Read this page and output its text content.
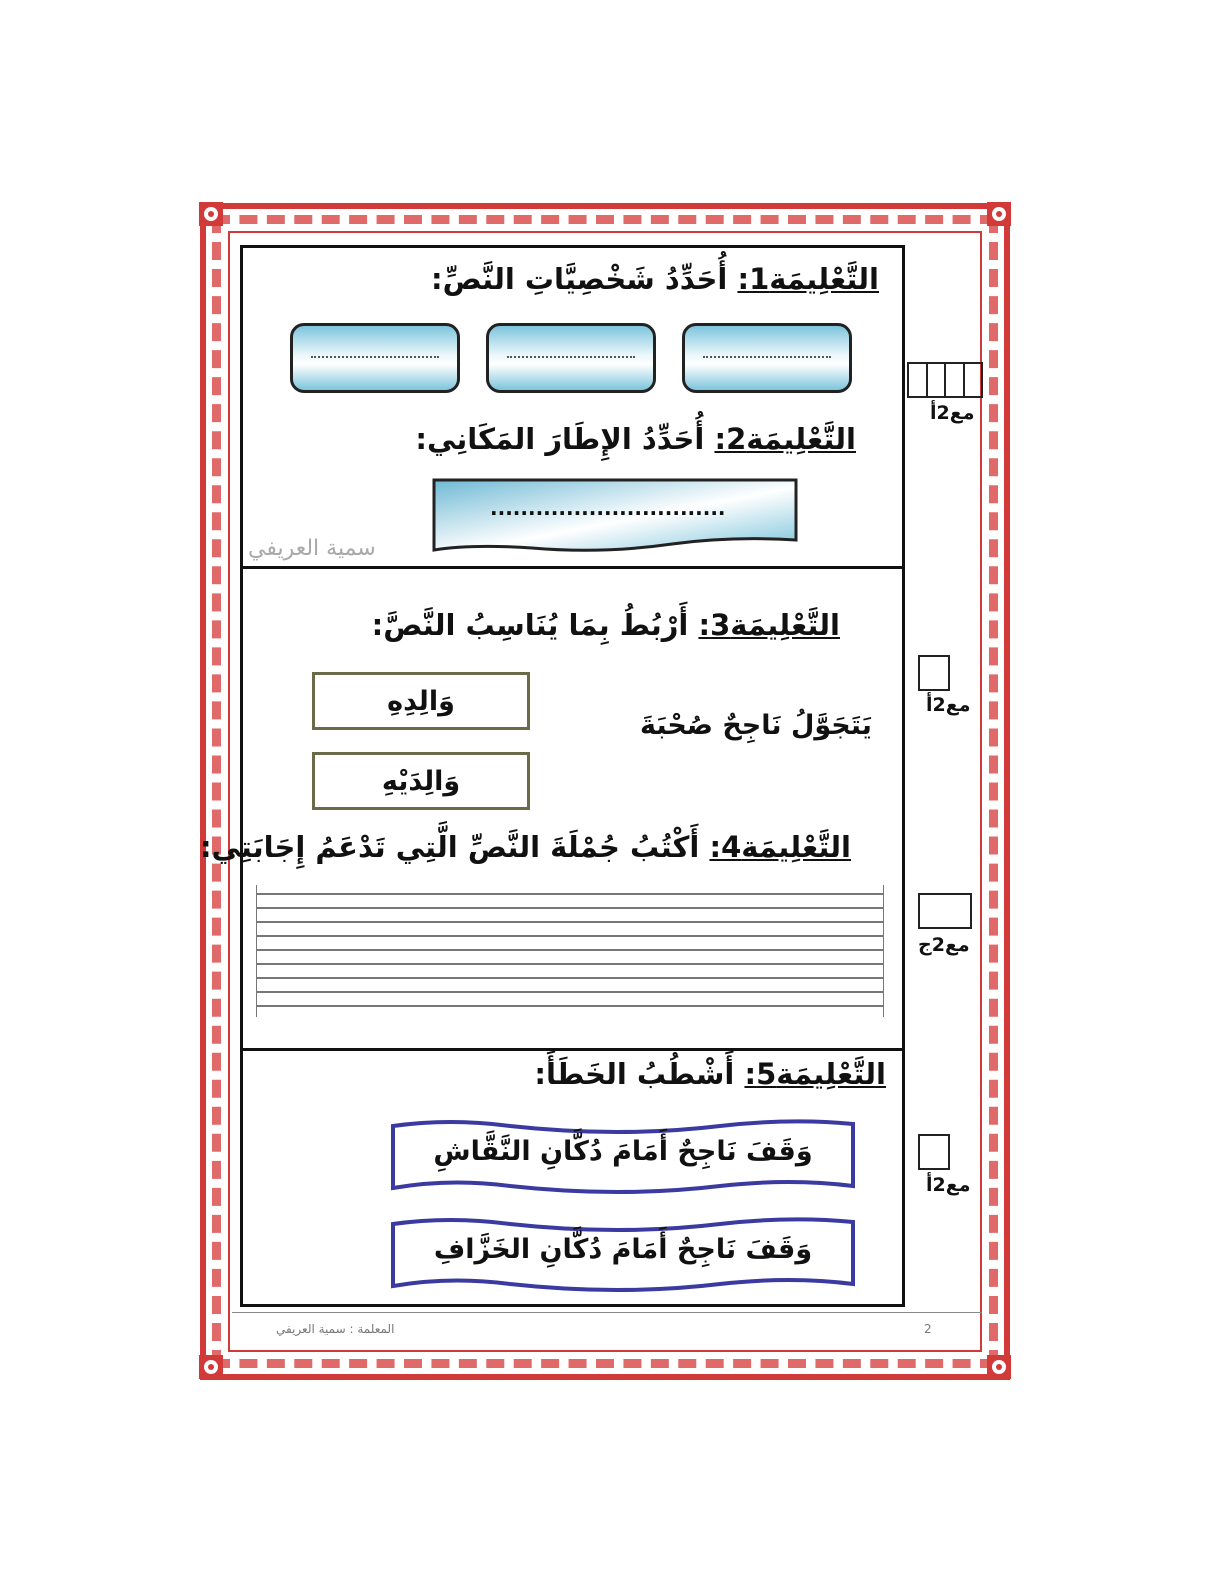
التَّعْلِيمَة1: أُحَدِّدُ شَخْصِيَّاتِ النَّصِّ:
التَّعْلِيمَة2: أُحَدِّدُ الإِطَارَ المَكَانِي:
...............................
سمية العريفي
التَّعْلِيمَة3: أَرْبُطُ بِمَا يُنَاسِبُ النَّصَّ:
يَتَجَوَّلُ نَاجِحٌ صُحْبَةَ
وَالِدِهِ
وَالِدَيْهِ
التَّعْلِيمَة4: أَكْتُبُ جُمْلَةَ النَّصِّ الَّتِي تَدْعَمُ إِجَابَتِي:
التَّعْلِيمَة5: أَشْطُبُ الخَطَأَ:
وَقَفَ نَاجِحٌ أَمَامَ دُكَّانِ النَّقَّاشِ
وَقَفَ نَاجِحٌ أَمَامَ دُكَّانِ الخَزَّافِ
مع2أ
مع2أ
مع2ج
مع2أ
المعلمة : سمية العريفي	2
